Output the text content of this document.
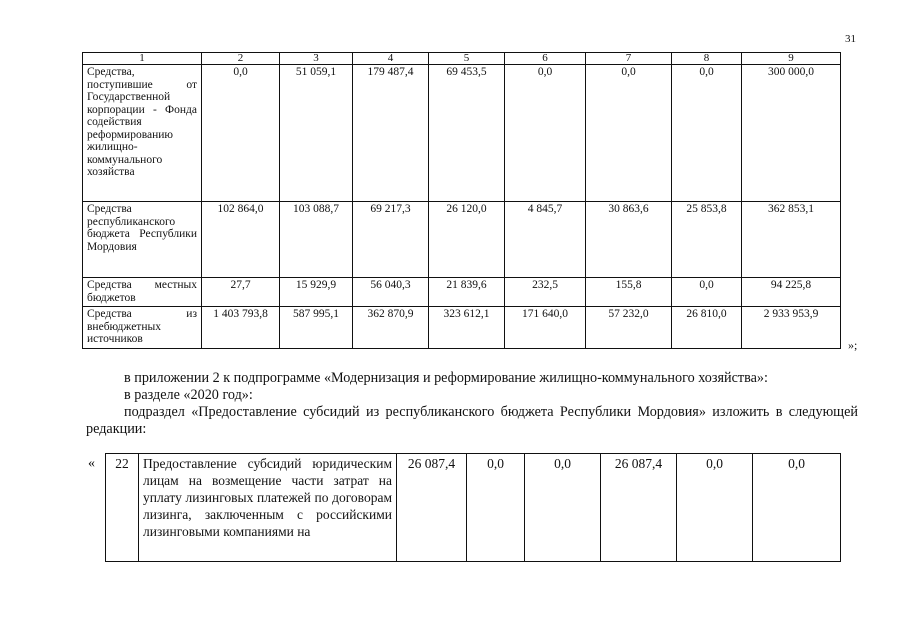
31
1	2	3	4	5	6	7	8	9
Средства, поступившие от Государственной корпорации - Фонда содействия реформированию жилищно-коммунального хозяйства	0,0	51 059,1	179 487,4	69 453,5	0,0	0,0	0,0	300 000,0
Средства республиканского бюджета Республики Мордовия	102 864,0	103 088,7	69 217,3	26 120,0	4 845,7	30 863,6	25 853,8	362 853,1
Средства местных бюджетов	27,7	15 929,9	56 040,3	21 839,6	232,5	155,8	0,0	94 225,8
Средства из внебюджетных источников	1 403 793,8	587 995,1	362 870,9	323 612,1	171 640,0	57 232,0	26 810,0	2 933 953,9
»;
в приложении 2 к подпрограмме «Модернизация и реформирование жилищно-коммунального хозяйства»:
в разделе «2020 год»:
подраздел «Предоставление субсидий из республиканского бюджета Республики Мордовия» изложить в следующей редакции:
« 22	Предоставление субсидий юридическим лицам на возмещение части затрат на уплату лизинговых платежей по договорам лизинга, заключенным с российскими лизинговыми компаниями на	26 087,4	0,0	0,0	26 087,4	0,0	0,0
